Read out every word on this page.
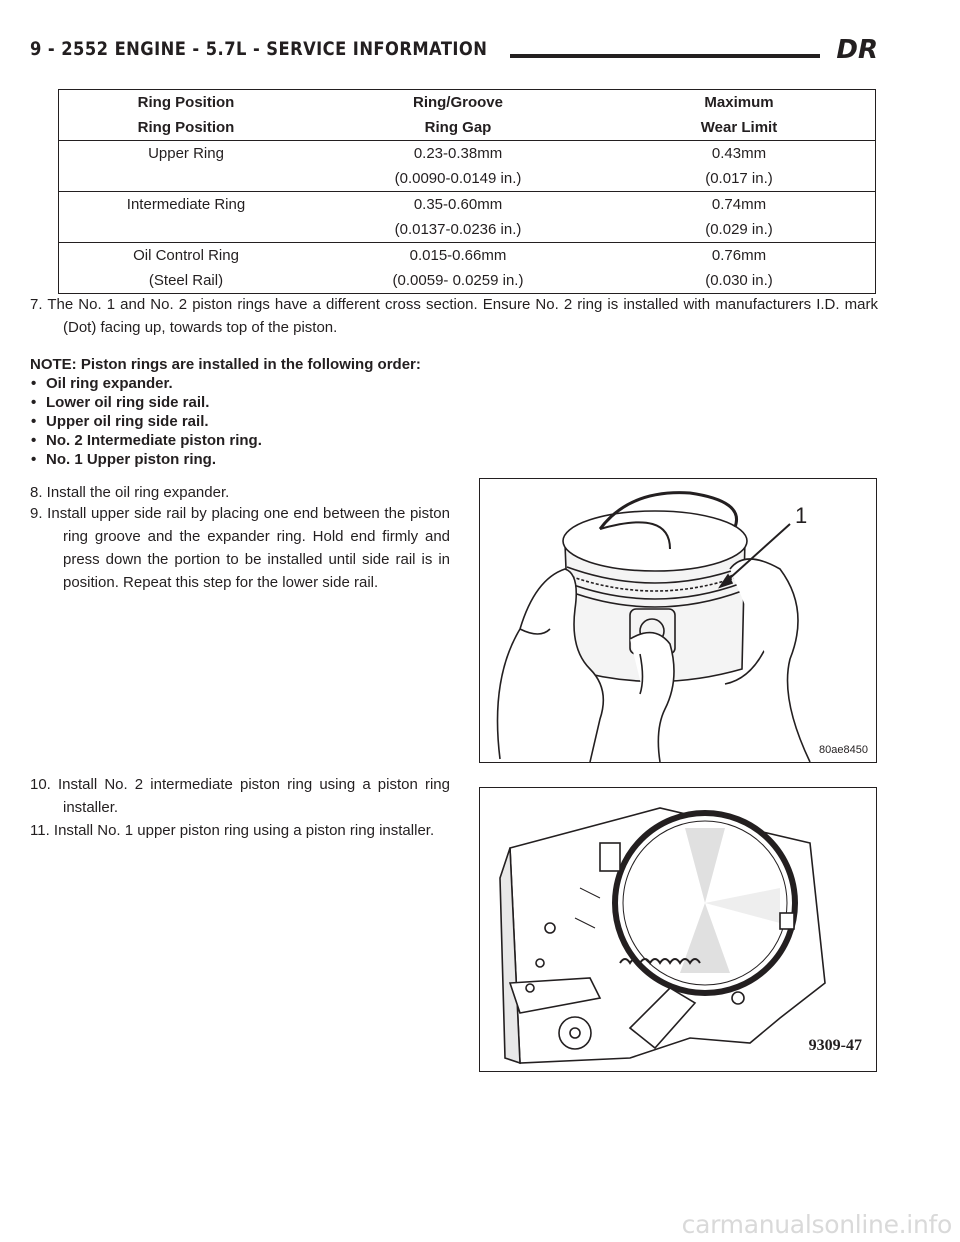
9 - 2552 ENGINE - 5.7L - SERVICE INFORMATION	DR
Ring Position	Ring/Groove	Maximum
Ring Position	Ring Gap	Wear Limit
Upper Ring	0.23-0.38mm	0.43mm
	(0.0090-0.0149 in.)	(0.017 in.)
Intermediate Ring	0.35-0.60mm	0.74mm
	(0.0137-0.0236 in.)	(0.029 in.)
Oil Control Ring	0.015-0.66mm	0.76mm
(Steel Rail)	(0.0059- 0.0259 in.)	(0.030 in.)
7. The No. 1 and No. 2 piston rings have a different cross section. Ensure No. 2 ring is installed with manufacturers I.D. mark (Dot) facing up, towards top of the piston.
NOTE: Piston rings are installed in the following order:
• Oil ring expander.
• Lower oil ring side rail.
• Upper oil ring side rail.
• No. 2 Intermediate piston ring.
• No. 1 Upper piston ring.
8. Install the oil ring expander.
9. Install upper side rail by placing one end between the piston ring groove and the expander ring. Hold end firmly and press down the portion to be installed until side rail is in position. Repeat this step for the lower side rail.
10. Install No. 2 intermediate piston ring using a piston ring installer.
11. Install No. 1 upper piston ring using a piston ring installer.
1
80ae8450
9309-47
carmanualsonline.info
